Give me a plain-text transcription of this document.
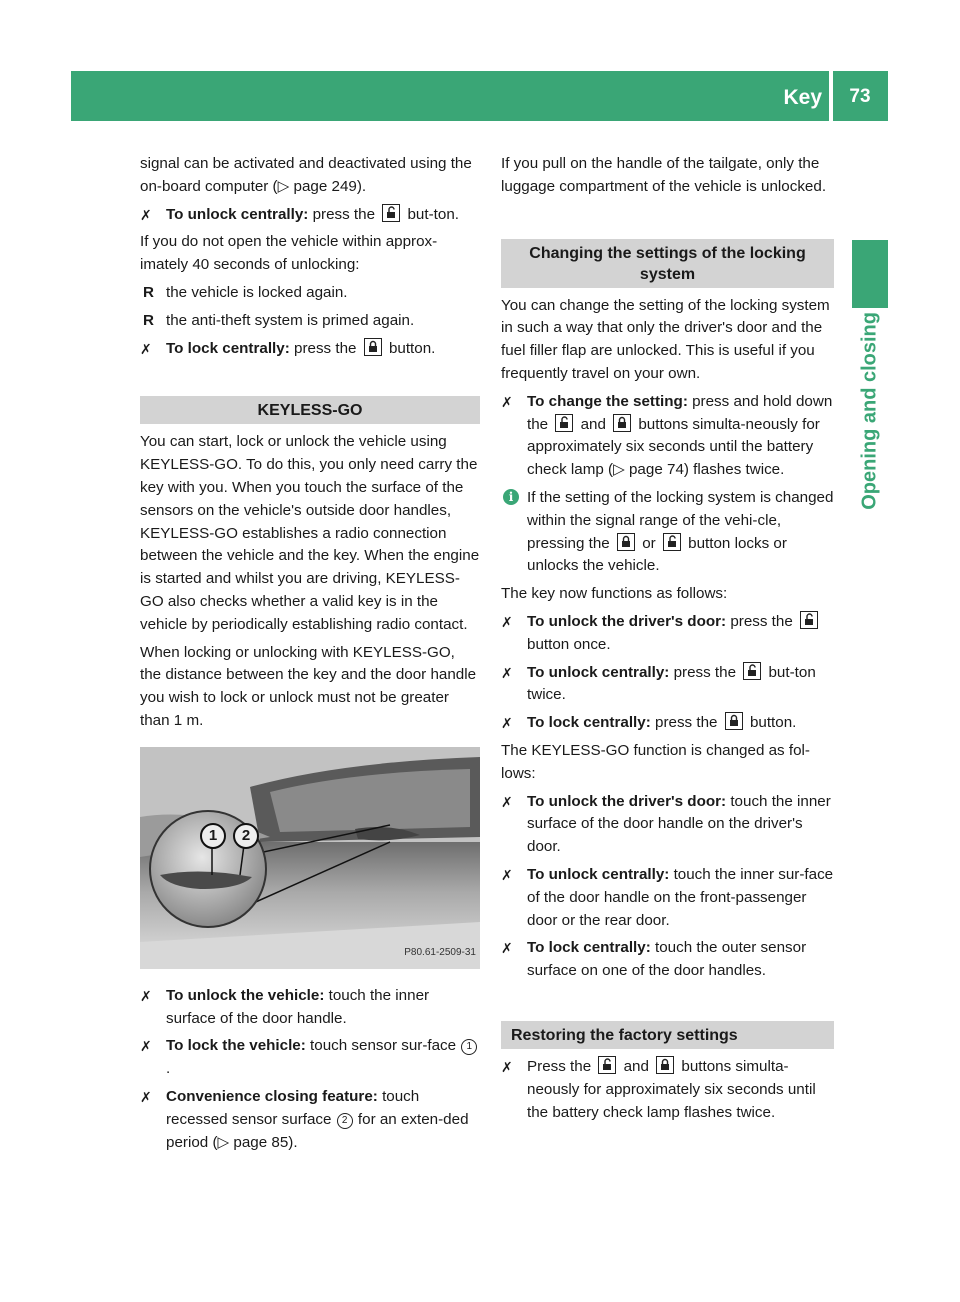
Key	73
Opening and closing

signal can be activated and deactivated using the on-board computer (▷ page 249).

✗ To unlock centrally: press the
but-ton.

If you do not open the vehicle within approx-imately 40 seconds of unlocking:

R the vehicle is locked again.
R the anti-theft system is primed again.
✗ To lock centrally: press the
button.
KEYLESS-GO

You can start, lock or unlock the vehicle using KEYLESS-GO. To do this, you only need carry the key with you. When you touch the surface of the sensors on the vehicle's outside door handles, KEYLESS-GO establishes a radio connection between the vehicle and the key. When the engine is started and whilst you are driving, KEYLESS-GO also checks whether a valid key is in the vehicle by periodically establishing radio contact.

When locking or unlocking with KEYLESS-GO, the distance between the key and the door handle you wish to lock or unlock must not be greater than 1 m.

1	2
P80.61-2509-31
✗ To unlock the vehicle: touch the inner surface of the door handle.
✗ To lock the vehicle: touch sensor sur-face 1.
✗ Convenience closing feature: touch recessed sensor surface 2 for an exten-ded period (▷ page 85).

If you pull on the handle of the tailgate, only the luggage compartment of the vehicle is unlocked.

Changing the settings of the locking system

You can change the setting of the locking system in such a way that only the driver's door and the fuel filler flap are unlocked. This is useful if you frequently travel on your own.

✗ To change the setting: press and hold down the
and
buttons simulta-neously for approximately six seconds until the battery check lamp (▷ page 74) flashes twice.
i If the setting of the locking system is changed within the signal range of the vehi-cle, pressing the
or
button locks or unlocks the vehicle.

The key now functions as follows:

✗ To unlock the driver's door: press the
button once.
✗ To unlock centrally: press the
but-ton twice.
✗ To lock centrally: press the
button.

The KEYLESS-GO function is changed as fol-lows:

✗ To unlock the driver's door: touch the inner surface of the door handle on the driver's door.
✗ To unlock centrally: touch the inner sur-face of the door handle on the front-passenger door or the rear door.
✗ To lock centrally: touch the outer sensor surface on one of the door handles.
Restoring the factory settings
✗ Press the
and
buttons simulta-neously for approximately six seconds until the battery check lamp flashes twice.
